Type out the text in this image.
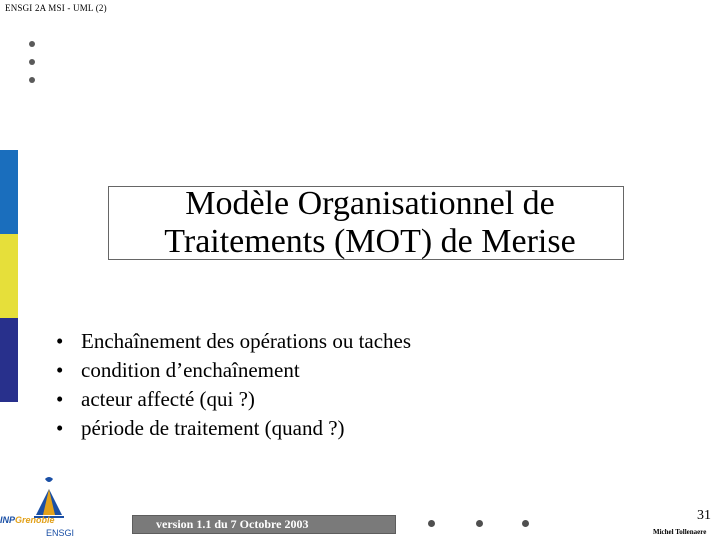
ENSGI 2A MSI - UML (2)
Modèle Organisationnel de
Traitements (MOT) de Merise
• Enchaînement des opérations ou taches
• condition d’enchaînement
• acteur affecté (qui ?)
• période de traitement (quand ?)
INPGrenoble
ENSGI
version 1.1 du 7 Octobre 2003
31
Michel Tollenaere
